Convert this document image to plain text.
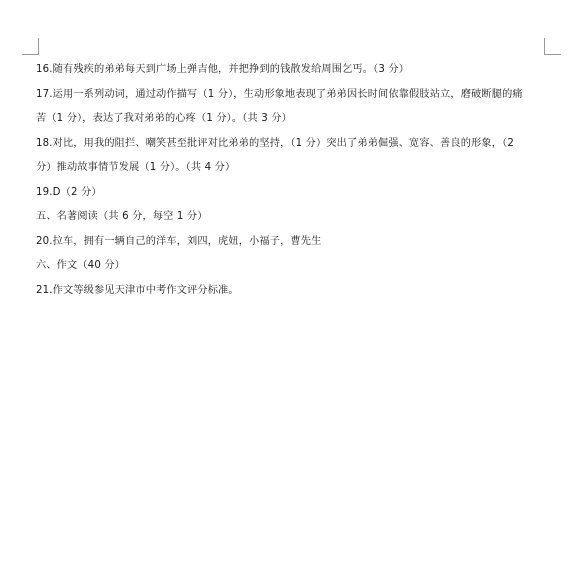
16.随有残疾的弟弟每天到广场上弹吉他，并把挣到的钱散发给周围乞丐。（3 分）
17.运用一系列动词，通过动作描写（1 分），生动形象地表现了弟弟因长时间依靠假肢站立，磨破断腿的痛
苦（1 分），表达了我对弟弟的心疼（1 分）。（共 3 分）
18.对比，用我的阻拦、嘲笑甚至批评对比弟弟的坚持，（1 分）突出了弟弟倔强、宽容、善良的形象，（2
分）推动故事情节发展（1 分）。（共 4 分）
19.D（2 分）
五、名著阅读（共 6 分，每空 1 分）
20.拉车，拥有一辆自己的洋车，刘四，虎妞，小福子，曹先生
六、作文（40 分）
21.作文等级参见天津市中考作文评分标准。
